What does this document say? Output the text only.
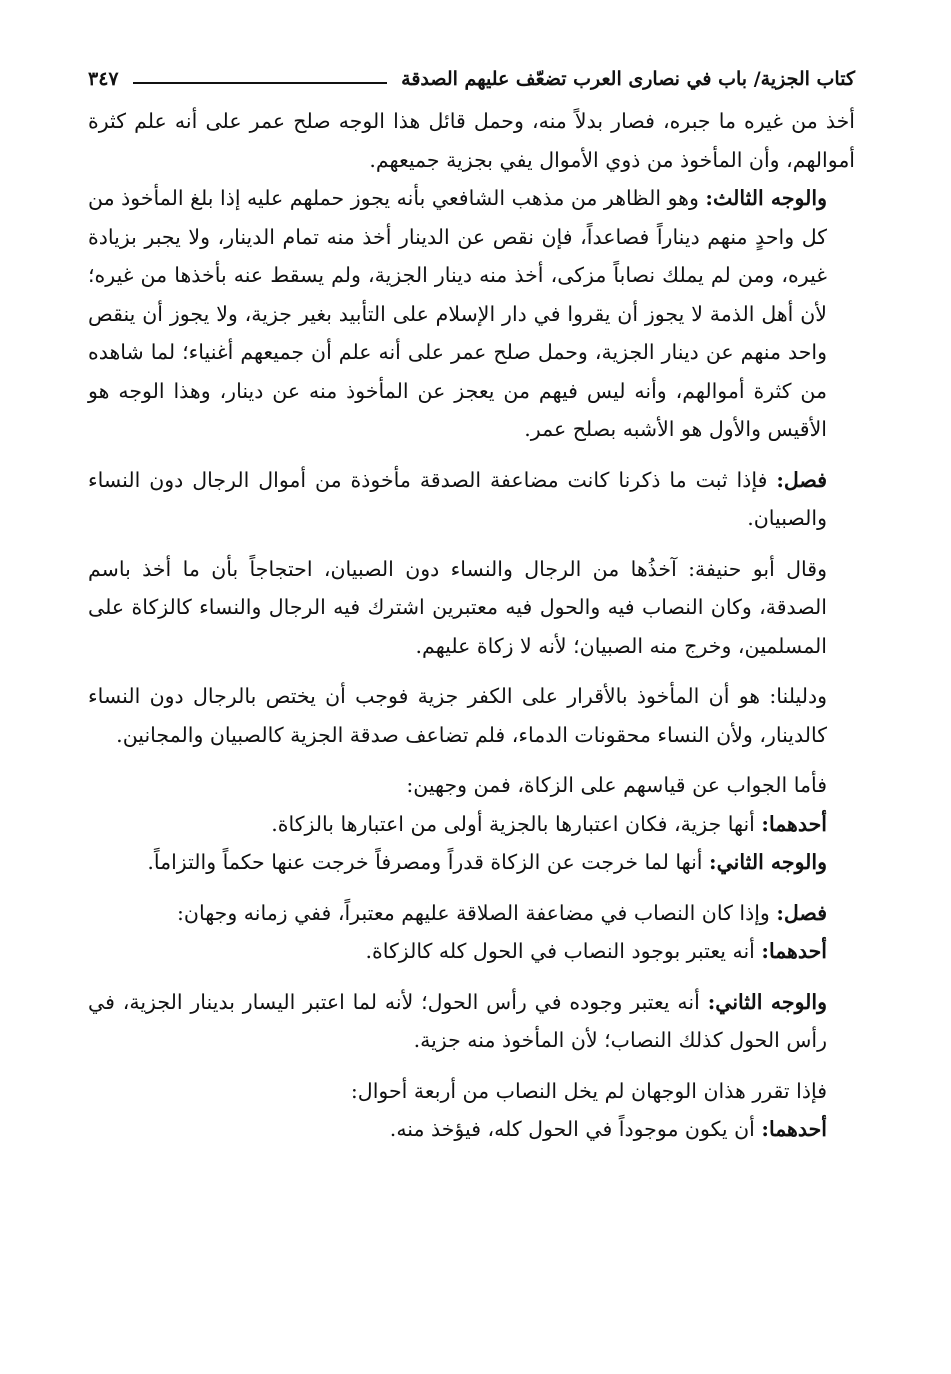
كتاب الجزية/ باب في نصارى العرب تضعّف عليهم الصدقة
٣٤٧

أخذ من غيره ما جبره، فصار بدلاً منه، وحمل قائل هذا الوجه صلح عمر على أنه علم كثرة أموالهم، وأن المأخوذ من ذوي الأموال يفي بجزية جميعهم.

والوجه الثالث: وهو الظاهر من مذهب الشافعي بأنه يجوز حملهم عليه إذا بلغ المأخوذ من كل واحدٍ منهم ديناراً فصاعداً، فإن نقص عن الدينار أخذ منه تمام الدينار، ولا يجبر بزيادة غيره، ومن لم يملك نصاباً مزكى، أخذ منه دينار الجزية، ولم يسقط عنه بأخذها من غيره؛ لأن أهل الذمة لا يجوز أن يقروا في دار الإسلام على التأبيد بغير جزية، ولا يجوز أن ينقص واحد منهم عن دينار الجزية، وحمل صلح عمر على أنه علم أن جميعهم أغنياء؛ لما شاهده من كثرة أموالهم، وأنه ليس فيهم من يعجز عن المأخوذ منه عن دينار، وهذا الوجه هو الأقيس والأول هو الأشبه بصلح عمر.

فصل: فإذا ثبت ما ذكرنا كانت مضاعفة الصدقة مأخوذة من أموال الرجال دون النساء والصبيان.

وقال أبو حنيفة: آخذُها من الرجال والنساء دون الصبيان، احتجاجاً بأن ما أخذ باسم الصدقة، وكان النصاب فيه والحول فيه معتبرين اشترك فيه الرجال والنساء كالزكاة على المسلمين، وخرج منه الصبيان؛ لأنه لا زكاة عليهم.

ودليلنا: هو أن المأخوذ بالأقرار على الكفر جزية فوجب أن يختص بالرجال دون النساء كالدينار، ولأن النساء محقونات الدماء، فلم تضاعف صدقة الجزية كالصبيان والمجانين.

فأما الجواب عن قياسهم على الزكاة، فمن وجهين:

أحدهما: أنها جزية، فكان اعتبارها بالجزية أولى من اعتبارها بالزكاة.

والوجه الثاني: أنها لما خرجت عن الزكاة قدراً ومصرفاً خرجت عنها حكماً والتزاماً.

فصل: وإذا كان النصاب في مضاعفة الصلاقة عليهم معتبراً، ففي زمانه وجهان:

أحدهما: أنه يعتبر بوجود النصاب في الحول كله كالزكاة.

والوجه الثاني: أنه يعتبر وجوده في رأس الحول؛ لأنه لما اعتبر اليسار بدينار الجزية، في رأس الحول كذلك النصاب؛ لأن المأخوذ منه جزية.

فإذا تقرر هذان الوجهان لم يخل النصاب من أربعة أحوال:

أحدهما: أن يكون موجوداً في الحول كله، فيؤخذ منه.
